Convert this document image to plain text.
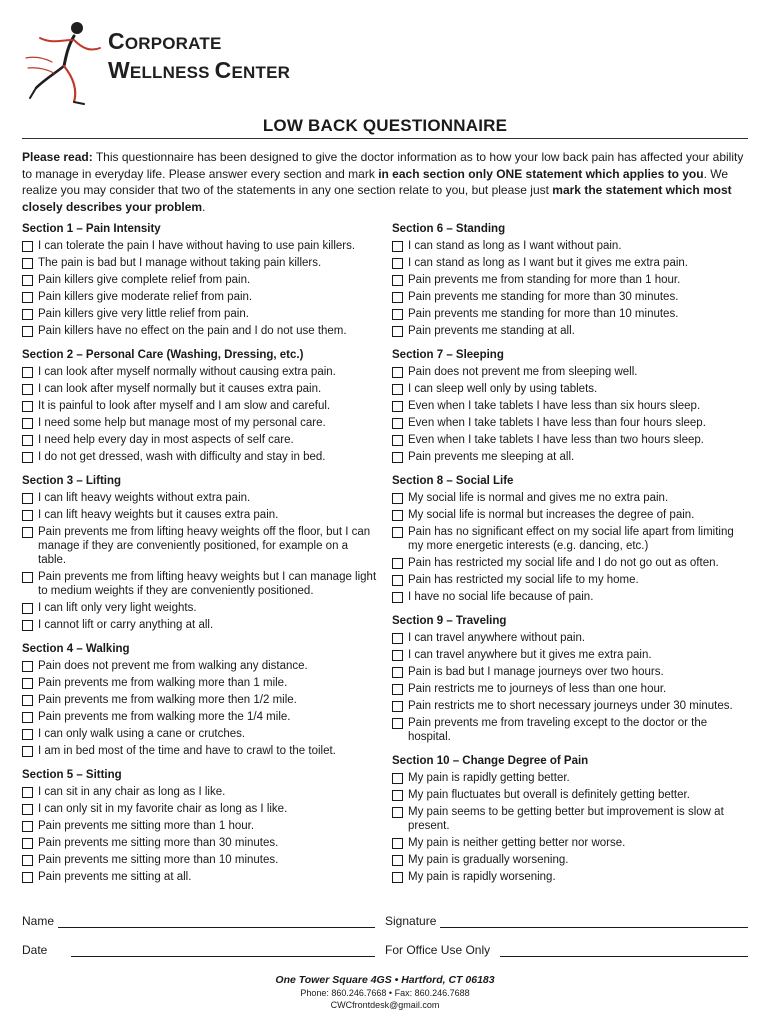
CORPORATE
WELLNESS CENTER
LOW BACK QUESTIONNAIRE
Please read: This questionnaire has been designed to give the doctor information as to how your low back pain has affected your ability to manage in everyday life. Please answer every section and mark in each section only ONE statement which applies to you. We realize you may consider that two of the statements in any one section relate to you, but please just mark the statement which most closely describes your problem.
Section 1 – Pain Intensity
I can tolerate the pain I have without having to use pain killers.
The pain is bad but I manage without taking pain killers.
Pain killers give complete relief from pain.
Pain killers give moderate relief from pain.
Pain killers give very little relief from pain.
Pain killers have no effect on the pain and I do not use them.
Section 2 – Personal Care (Washing, Dressing, etc.)
I can look after myself normally without causing extra pain.
I can look after myself normally but it causes extra pain.
It is painful to look after myself and I am slow and careful.
I need some help but manage most of my personal care.
I need help every day in most aspects of self care.
I do not get dressed, wash with difficulty and stay in bed.
Section 3 – Lifting
I can lift heavy weights without extra pain.
I can lift heavy weights but it causes extra pain.
Pain prevents me from lifting heavy weights off the floor, but I can manage if they are conveniently positioned, for example on a table.
Pain prevents me from lifting heavy weights but I can manage light to medium weights if they are conveniently positioned.
I can lift only very light weights.
I cannot lift or carry anything at all.
Section 4 – Walking
Pain does not prevent me from walking any distance.
Pain prevents me from walking more than 1 mile.
Pain prevents me from walking more then 1/2 mile.
Pain prevents me from walking more the 1/4 mile.
I can only walk using a cane or crutches.
I am in bed most of the time and have to crawl to the toilet.
Section 5 – Sitting
I can sit in any chair as long as I like.
I can only sit in my favorite chair as long as I like.
Pain prevents me sitting more than 1 hour.
Pain prevents me sitting more than 30 minutes.
Pain prevents me sitting more than 10 minutes.
Pain prevents me sitting at all.
Section 6 – Standing
I can stand as long as I want without pain.
I can stand as long as I want but it gives me extra pain.
Pain prevents me from standing for more than 1 hour.
Pain prevents me standing for more than 30 minutes.
Pain prevents me standing for more than 10 minutes.
Pain prevents me standing at all.
Section 7 – Sleeping
Pain does not prevent me from sleeping well.
I can sleep well only by using tablets.
Even when I take tablets I have less than six hours sleep.
Even when I take tablets I have less than four hours sleep.
Even when I take tablets I have less than two hours sleep.
Pain prevents me sleeping at all.
Section 8 – Social Life
My social life is normal and gives me no extra pain.
My social life is normal but increases the degree of pain.
Pain has no significant effect on my social life apart from limiting my more energetic interests (e.g. dancing, etc.)
Pain has restricted my social life and I do not go out as often.
Pain has restricted my social life to my home.
I have no social life because of pain.
Section 9 – Traveling
I can travel anywhere without pain.
I can travel anywhere but it gives me extra pain.
Pain is bad but I manage journeys over two hours.
Pain restricts me to journeys of less than one hour.
Pain restricts me to short necessary journeys under 30 minutes.
Pain prevents me from traveling except to the doctor or the hospital.
Section 10 – Change Degree of Pain
My pain is rapidly getting better.
My pain fluctuates but overall is definitely getting better.
My pain seems to be getting better but improvement is slow at present.
My pain is neither getting better nor worse.
My pain is gradually worsening.
My pain is rapidly worsening.
Name	Signature
Date	For Office Use Only
One Tower Square 4GS • Hartford, CT 06183
Phone: 860.246.7668 • Fax: 860.246.7688
CWCfrontdesk@gmail.com
